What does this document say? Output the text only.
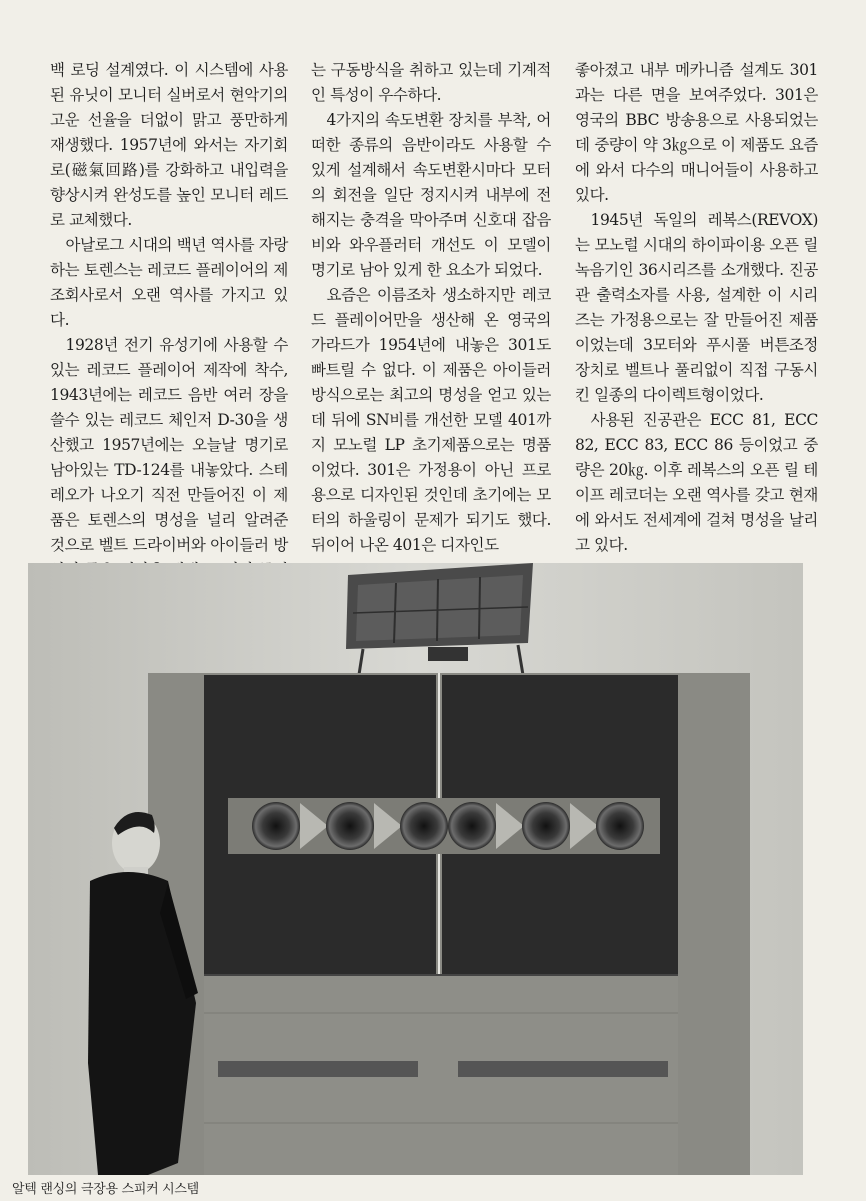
백 로딩 설계였다. 이 시스템에 사용된 유닛이 모니터 실버로서 현악기의 고운 선율을 더없이 맑고 풍만하게 재생했다. 1957년에 와서는 자기회로(磁氣回路)를 강화하고 내입력을 향상시켜 완성도를 높인 모니터 레드로 교체했다.

아날로그 시대의 백년 역사를 자랑하는 토렌스는 레코드 플레이어의 제조회사로서 오랜 역사를 가지고 있다.

1928년 전기 유성기에 사용할 수 있는 레코드 플레이어 제작에 착수, 1943년에는 레코드 음반 여러 장을 쓸수 있는 레코드 체인저 D-30을 생산했고 1957년에는 오늘날 명기로 남아있는 TD-124를 내놓았다. 스테레오가 나오기 직전 만들어진 이 제품은 토렌스의 명성을 널리 알려준 것으로 벨트 드라이버와 아이들러 방

는 구동방식을 취하고 있는데 기계적인 특성이 우수하다.

4가지의 속도변환 장치를 부착, 어떠한 종류의 음반이라도 사용할 수 있게 설계해서 속도변환시마다 모터의 회전을 일단 정지시켜 내부에 전해지는 충격을 막아주며 신호대 잡음비와 와우플러터 개선도 이 모델이 명기로 남아 있게 한 요소가 되었다.

요즘은 이름조차 생소하지만 레코드 플레이어만을 생산해 온 영국의 가라드가 1954년에 내놓은 301도 빠트릴 수 없다. 이 제품은 아이들러 방식으로는 최고의 명성을 얻고 있는데 뒤에 SN비를 개선한 모델 401까지 모노럴 LP 초기제품으로는 명품이었다. 301은 가정용이 아닌 프로용으로 디자인된 것인데 초기에는 모터의 하울링이 문제가 되기도 했다. 뒤이어 나온 401은 디자인도

좋아졌고 내부 메카니즘 설계도 301과는 다른 면을 보여주었다. 301은 영국의 BBC 방송용으로 사용되었는데 중량이 약 3㎏으로 이 제품도 요즘에 와서 다수의 매니어들이 사용하고 있다.

1945년 독일의 레복스(REVOX)는 모노럴 시대의 하이파이용 오픈 릴 녹음기인 36시리즈를 소개했다. 진공관 출력소자를 사용, 설계한 이 시리즈는 가정용으로는 잘 만들어진 제품이었는데 3모터와 푸시풀 버튼조정 장치로 벨트나 풀리없이 직접 구동시킨 일종의 다이렉트형이었다.

사용된 진공관은 ECC 81, ECC 82, ECC 83, ECC 86 등이었고 중량은 20㎏. 이후 레복스의 오픈 릴 테이프 레코더는 오랜 역사를 갖고 현재에 와서도 전세계에 걸쳐 명성을 날리고 있다.

알텍 랜싱의 극장용 스피커 시스템
